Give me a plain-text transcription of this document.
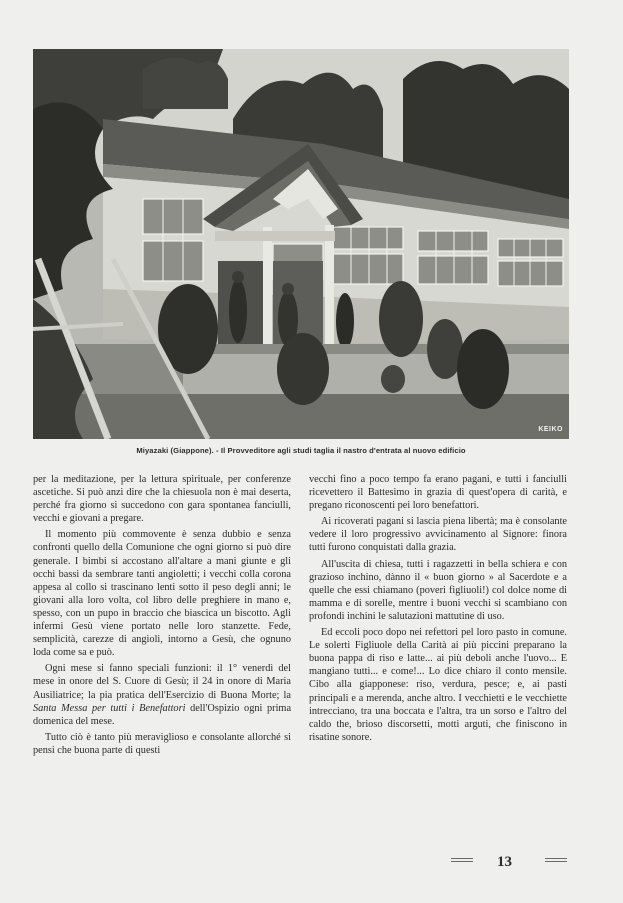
KEIKO
Miyazaki (Giappone). - Il Provveditore agli studi taglia il nastro d'entrata al nuovo edificio

per la meditazione, per la lettura spirituale, per conferenze ascetiche. Si può anzi dire che la chiesuola non è mai deserta, perché fra giorno si succedono con gara spontanea fanciulli, vecchi e giovani a pregare.

Il momento più commovente è senza dubbio e senza confronti quello della Comunione che ogni giorno si può dire generale. I bimbi si accostano all'altare a mani giunte e gli occhi bassi da sembrare tanti angioletti; i vecchi colla corona appesa al collo si trascinano lenti sotto il peso degli anni; le giovani alla loro volta, col libro delle preghiere in mano e, spesso, con un pupo in braccio che biascica un biscotto. Agli infermi Gesù viene portato nelle loro stanzette. Fede, semplicità, carezze di angioli, intorno a Gesù, che ognuno loda come sa e può.

Ogni mese si fanno speciali funzioni: il 1° venerdì del mese in onore del S. Cuore di Gesù; il 24 in onore di Maria Ausiliatrice; la pia pratica dell'Esercizio di Buona Morte; la Santa Messa per tutti i Benefattori dell'Ospizio ogni prima domenica del mese.

Tutto ciò è tanto più meraviglioso e consolante allorché si pensi che buona parte di questi

vecchi fino a poco tempo fa erano pagani, e tutti i fanciulli ricevettero il Battesimo in grazia di quest'opera di carità, e pregano riconoscenti pei loro benefattori.

Ai ricoverati pagani si lascia piena libertà; ma è consolante vedere il loro progressivo avvicinamento al Signore: finora tutti furono conquistati dalla grazia.

All'uscita di chiesa, tutti i ragazzetti in bella schiera e con grazioso inchino, dànno il « buon giorno » al Sacerdote e a quelle che essi chiamano (poveri figliuoli!) col dolce nome di mamma e di sorelle, mentre i buoni vecchi si scambiano con profondi inchini le salutazioni mattutine di uso.

Ed eccoli poco dopo nei refettori pel loro pasto in comune. Le solerti Figliuole della Carità ai più piccini preparano la buona pappa di riso e latte... ai più deboli anche l'uovo... E mangiano tutti... e come!... Lo dice chiaro il conto mensile. Cibo alla giapponese: riso, verdura, pesce; e, ai pasti principali e a merenda, anche altro. I vecchietti e le vecchiette intrecciano, tra una boccata e l'altra, tra un sorso e l'altro del caldo the, brioso discorsetti, motti arguti, che finiscono in risatine sonore.

13
